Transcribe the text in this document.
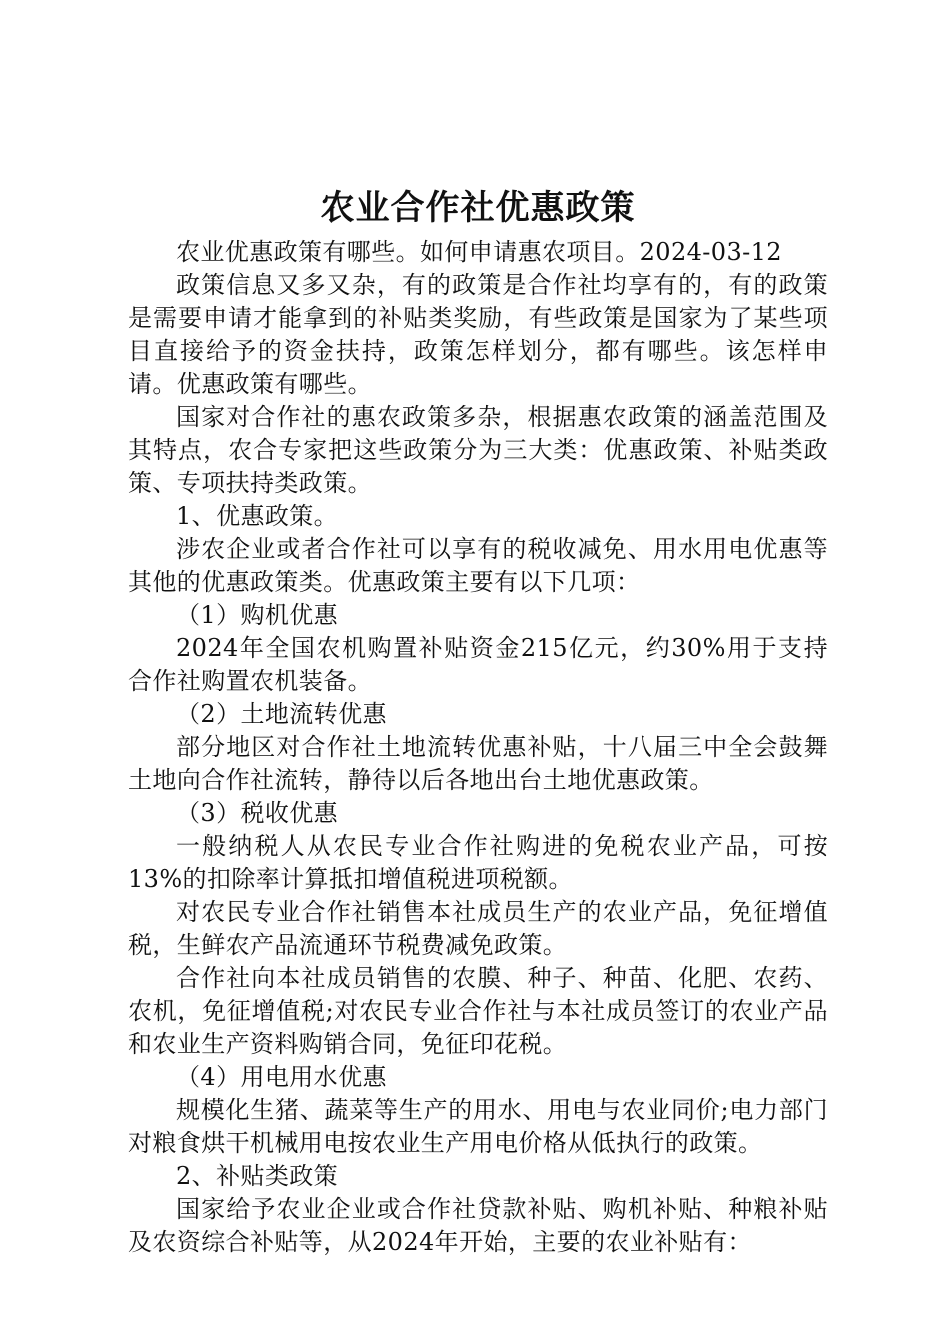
农业合作社优惠政策

农业优惠政策有哪些。如何申请惠农项目。2024-03-12

政策信息又多又杂，有的政策是合作社均享有的，有的政策是需要申请才能拿到的补贴类奖励，有些政策是国家为了某些项目直接给予的资金扶持，政策怎样划分，都有哪些。该怎样申请。优惠政策有哪些。

国家对合作社的惠农政策多杂，根据惠农政策的涵盖范围及其特点，农合专家把这些政策分为三大类：优惠政策、补贴类政策、专项扶持类政策。

1、优惠政策。

涉农企业或者合作社可以享有的税收减免、用水用电优惠等其他的优惠政策类。优惠政策主要有以下几项：

（1）购机优惠

2024年全国农机购置补贴资金215亿元，约30%用于支持合作社购置农机装备。

（2）土地流转优惠

部分地区对合作社土地流转优惠补贴，十八届三中全会鼓舞土地向合作社流转，静待以后各地出台土地优惠政策。

（3）税收优惠

一般纳税人从农民专业合作社购进的免税农业产品，可按13%的扣除率计算抵扣增值税进项税额。

对农民专业合作社销售本社成员生产的农业产品，免征增值税，生鲜农产品流通环节税费减免政策。

合作社向本社成员销售的农膜、种子、种苗、化肥、农药、农机，免征增值税;对农民专业合作社与本社成员签订的农业产品和农业生产资料购销合同，免征印花税。

（4）用电用水优惠

规模化生猪、蔬菜等生产的用水、用电与农业同价;电力部门对粮食烘干机械用电按农业生产用电价格从低执行的政策。

2、补贴类政策

国家给予农业企业或合作社贷款补贴、购机补贴、种粮补贴及农资综合补贴等，从2024年开始，主要的农业补贴有：
